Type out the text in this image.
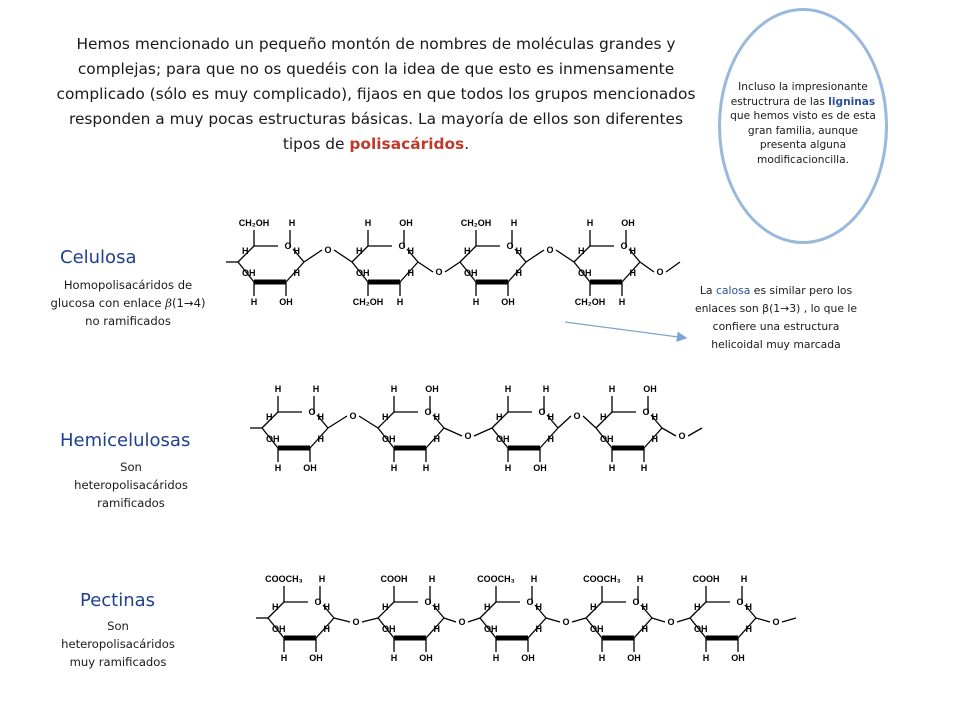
Hemos mencionado un pequeño montón de nombres de moléculas grandes y complejas; para que no os quedéis con la idea de que esto es inmensamente complicado (sólo es muy complicado), fijaos en que todos los grupos mencionados responden a muy pocas estructuras básicas. La mayoría de ellos son diferentes tipos de polisacáridos.
Incluso la impresionante estructrura de las ligninas que hemos visto es de esta gran familia, aunque presenta alguna modificacioncilla.
Celulosa
Homopolisacáridos de glucosa con enlace β(1→4) no ramificados
Hemicelulosas
Son heteropolisacáridos ramificados
Pectinas
Son heteropolisacáridos muy ramificados
La calosa es similar pero los enlaces son β(1→3) , lo que le confiere una estructura helicoidal muy marcada
O
CH₂OH H
H OH
H
OH
H
H
O
H	OH
CH₂OH H
H
OH
H
H
O
CH₂OH H
H OH
H
OH
H
H
O
H	OH
CH₂OH H
H
OH
H
H
O
O
O
O
O
H	H
H OH
H
OH
H
H
O
H	OH
H	H
H
OH
H
H
O
H	H
H OH
H
OH
H
H
O
H	OH
H	H
H
OH
H
H
O
O
O
O
O
COOCH₃ H
H OH
H
OH
H
H
O
COOH H
H OH
H
OH
H
H
O
COOCH₃ H
H OH
H
OH
H
H
O
COOCH₃ H
H OH
H
OH
H
H
O
COOH H
H OH
H
OH
H
H
O	O	O	O	O
